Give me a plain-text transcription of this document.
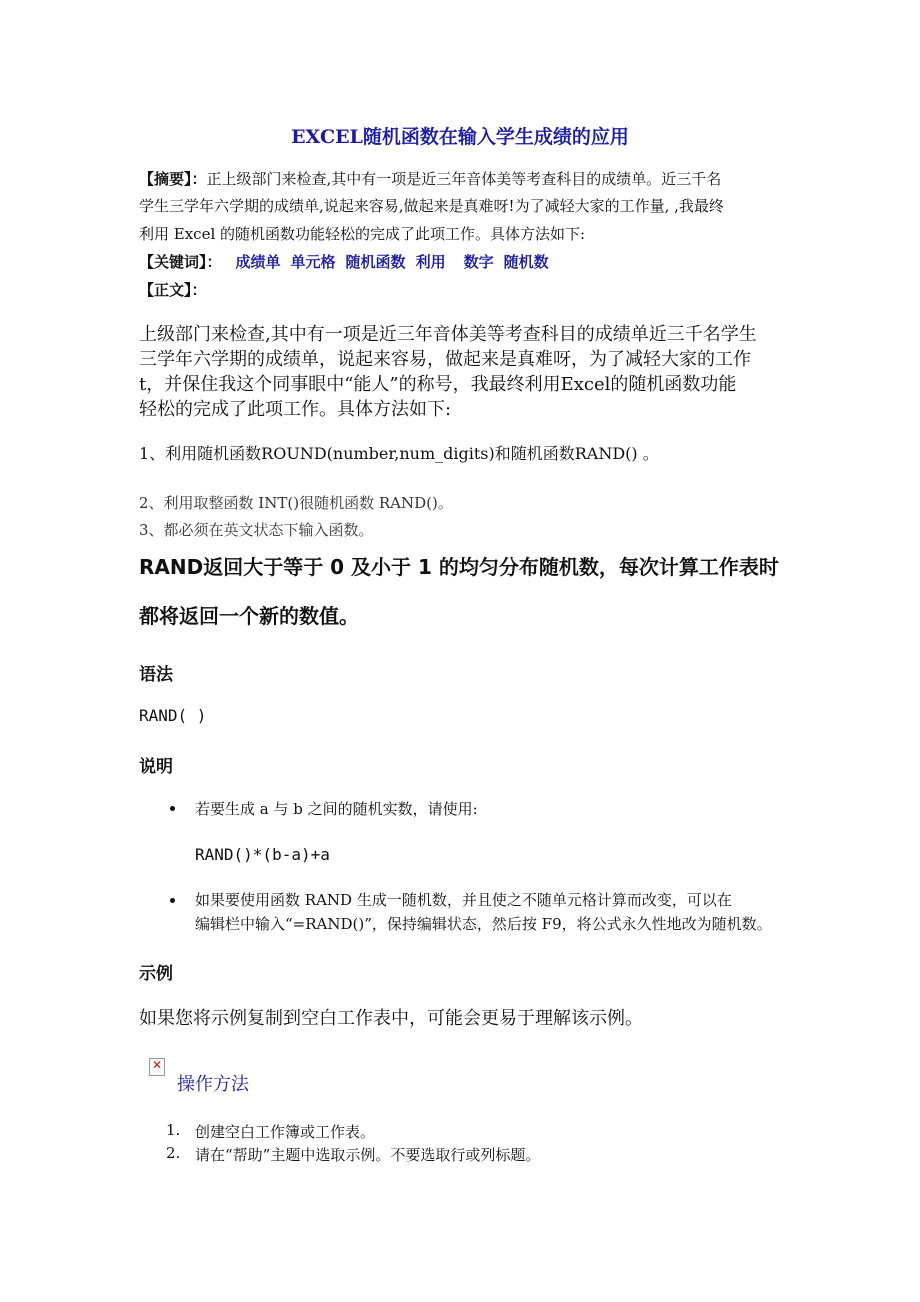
EXCEL随机函数在输入学生成绩的应用
【摘要】：正上级部门来检查,其中有一项是近三年音体美等考查科目的成绩单。近三千名
学生三学年六学期的成绩单,说起来容易,做起来是真难呀!为了减轻大家的工作量, ,我最终
利用 Excel 的随机函数功能轻松的完成了此项工作。具体方法如下:
【关键词】： 成绩单 单元格 随机函数 利用 数字 随机数
【正文】：
上级部门来检查,其中有一项是近三年音体美等考查科目的成绩单近三千名学生
三学年六学期的成绩单，说起来容易，做起来是真难呀，为了减轻大家的工作
t，并保住我这个同事眼中“能人”的称号，我最终利用Excel的随机函数功能
轻松的完成了此项工作。具体方法如下:
1、利用随机函数ROUND(number,num_digits)和随机函数RAND() 。
2、利用取整函数 INT()很随机函数 RAND()。
3、都必须在英文状态下输入函数。
RAND返回大于等于 0 及小于 1 的均匀分布随机数，每次计算工作表时
都将返回一个新的数值。
语法
RAND( )
说明
若要生成 a 与 b 之间的随机实数，请使用:
RAND()*(b-a)+a
如果要使用函数 RAND 生成一随机数，并且使之不随单元格计算而改变，可以在
编辑栏中输入“=RAND()”，保持编辑状态，然后按 F9，将公式永久性地改为随机数。
示例
如果您将示例复制到空白工作表中，可能会更易于理解该示例。
✕
操作方法
1. 创建空白工作簿或工作表。
2. 请在“帮助”主题中选取示例。不要选取行或列标题。
